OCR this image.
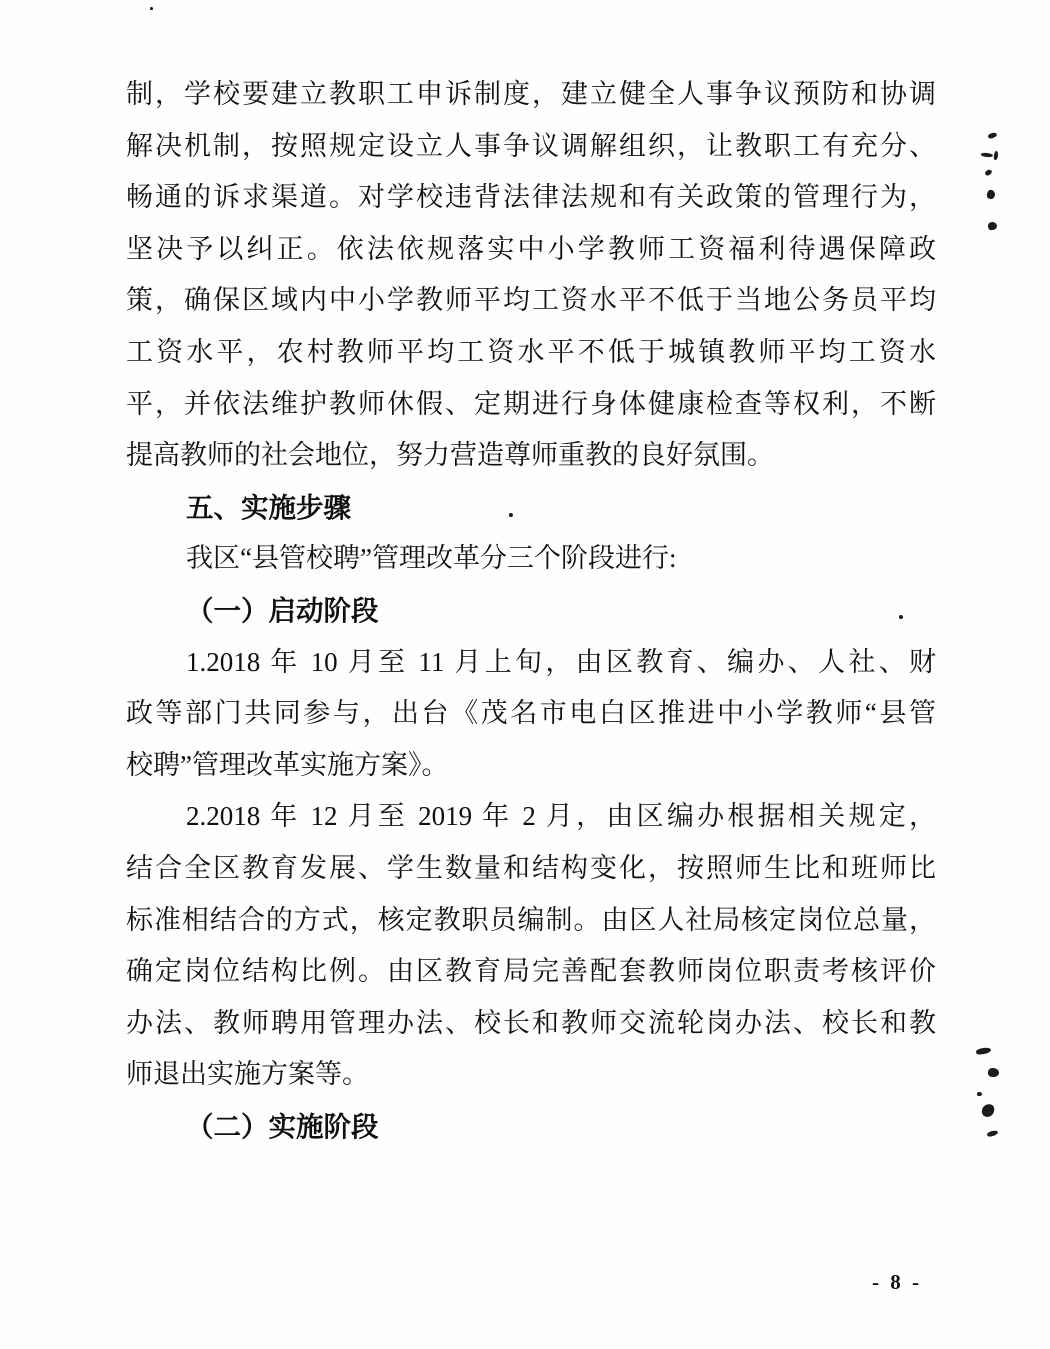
制，学校要建立教职工申诉制度，建立健全人事争议预防和协调
解决机制，按照规定设立人事争议调解组织，让教职工有充分、
畅通的诉求渠道。对学校违背法律法规和有关政策的管理行为，
坚决予以纠正。依法依规落实中小学教师工资福利待遇保障政
策，确保区域内中小学教师平均工资水平不低于当地公务员平均
工资水平，农村教师平均工资水平不低于城镇教师平均工资水
平，并依法维护教师休假、定期进行身体健康检查等权利，不断
提高教师的社会地位，努力营造尊师重教的良好氛围。
五、实施步骤
我区“县管校聘”管理改革分三个阶段进行:
（一）启动阶段
1.2018 年 10 月至 11 月上旬，由区教育、编办、人社、财
政等部门共同参与，出台《茂名市电白区推进中小学教师“县管
校聘”管理改革实施方案》。
2.2018 年 12 月至 2019 年 2 月，由区编办根据相关规定，
结合全区教育发展、学生数量和结构变化，按照师生比和班师比
标准相结合的方式，核定教职员编制。由区人社局核定岗位总量，
确定岗位结构比例。由区教育局完善配套教师岗位职责考核评价
办法、教师聘用管理办法、校长和教师交流轮岗办法、校长和教
师退出实施方案等。
（二）实施阶段
- 8 -
